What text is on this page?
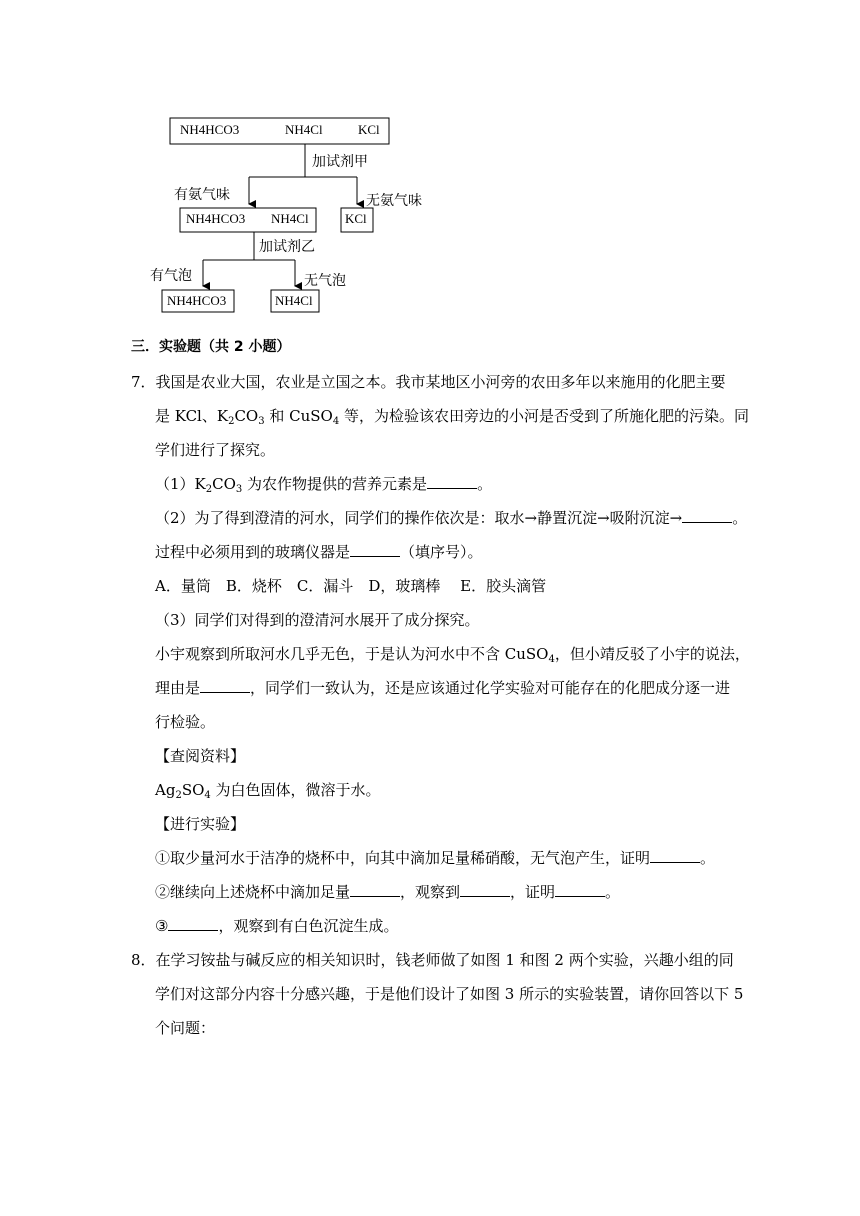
NH4HCO3	NH4Cl	KCl
加试剂甲
有氨气味	无氨气味
NH4HCO3 NH4Cl	KCl
加试剂乙
有气泡	无气泡
NH4HCO3	NH4Cl
三．实验题（共 2 小题）
7．我国是农业大国，农业是立国之本。我市某地区小河旁的农田多年以来施用的化肥主要
是 KCl、$K_2CO_3$ 和 CuSO$_4$ 等，为检验该农田旁边的小河是否受到了所施化肥的污染。同
学们进行了探究。
$(1)K_2CO_3$ 为农作物提供的营养元素是	。
（2）为了得到澄清的河水，同学们的操作依次是：取水→静置沉淀→吸附沉淀→	。
过程中必须用到的玻璃仪器是	（填序号）。
A．量筒　B．烧杯　C．漏斗　D，玻璃棒　 E．胶头滴管
（3）同学们对得到的澄清河水展开了成分探究。
小宇观察到所取河水几乎无色，于是认为河水中不含 CuSO$_4$，但小靖反驳了小宇的说法，
理由是	，同学们一致认为，还是应该通过化学实验对可能存在的化肥成分逐一进
行检验。
【查阅资料】
$Ag_2SO_4$ 为白色固体，微溶于水。
【进行实验】
①取少量河水于洁净的烧杯中，向其中滴加足量稀硝酸，无气泡产生，证明	。
②继续向上述烧杯中滴加足量	，观察到	，证明	。
③	，观察到有白色沉淀生成。
8．在学习铵盐与碱反应的相关知识时，钱老师做了如图 1 和图 2 两个实验，兴趣小组的同
学们对这部分内容十分感兴趣，于是他们设计了如图 3 所示的实验装置，请你回答以下 5
个问题：
